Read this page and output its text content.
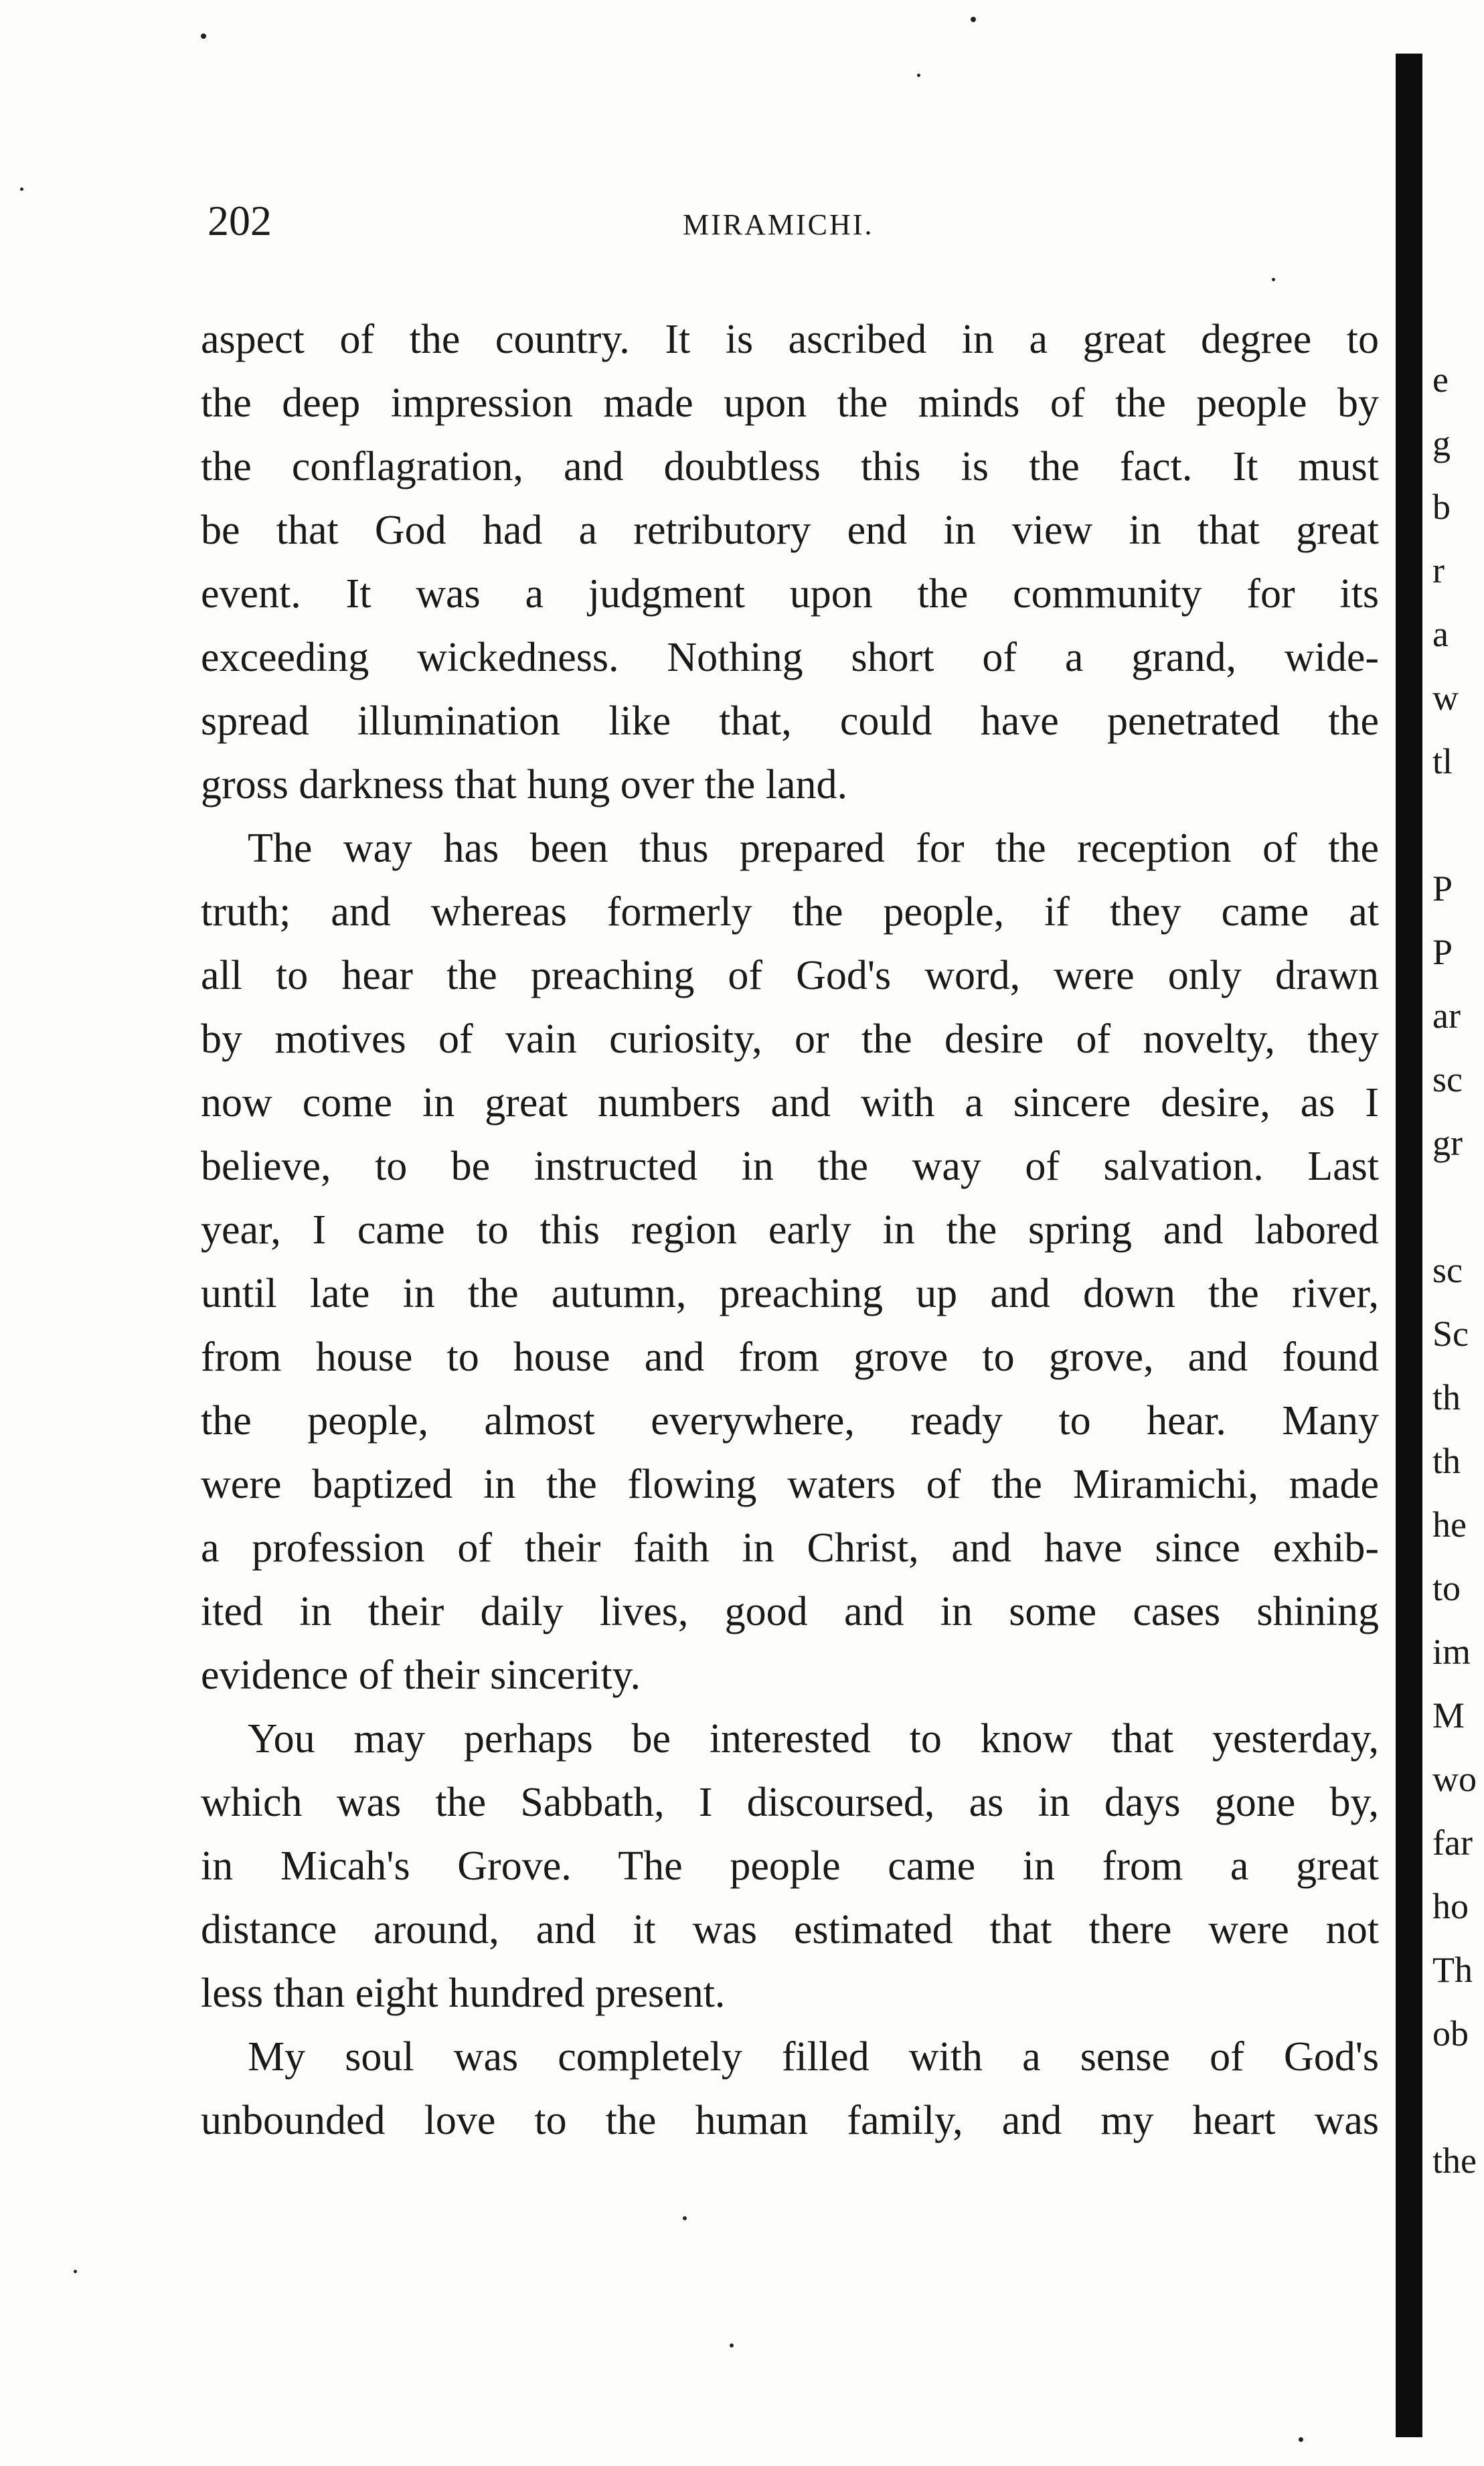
202	MIRAMICHI.

aspect of the country. It is ascribed in a great degree to
the deep impression made upon the minds of the people by
the conflagration, and doubtless this is the fact. It must
be that God had a retributory end in view in that great
event. It was a judgment upon the community for its
exceeding wickedness. Nothing short of a grand, wide-
spread illumination like that, could have penetrated the
gross darkness that hung over the land.

The way has been thus prepared for the reception of the
truth; and whereas formerly the people, if they came at
all to hear the preaching of God's word, were only drawn
by motives of vain curiosity, or the desire of novelty, they
now come in great numbers and with a sincere desire, as I
believe, to be instructed in the way of salvation. Last
year, I came to this region early in the spring and labored
until late in the autumn, preaching up and down the river,
from house to house and from grove to grove, and found
the people, almost everywhere, ready to hear. Many
were baptized in the flowing waters of the Miramichi, made
a profession of their faith in Christ, and have since exhib-
ited in their daily lives, good and in some cases shining
evidence of their sincerity.

You may perhaps be interested to know that yesterday,
which was the Sabbath, I discoursed, as in days gone by,
in Micah's Grove. The people came in from a great
distance around, and it was estimated that there were not
less than eight hundred present.

My soul was completely filled with a sense of God's
unbounded love to the human family, and my heart was

e
g
b
r
a
w
tl
P
P
ar
sc
gr
sc
Sc
th
th
he
to
im
M
wo
far
ho
Th
ob
the
